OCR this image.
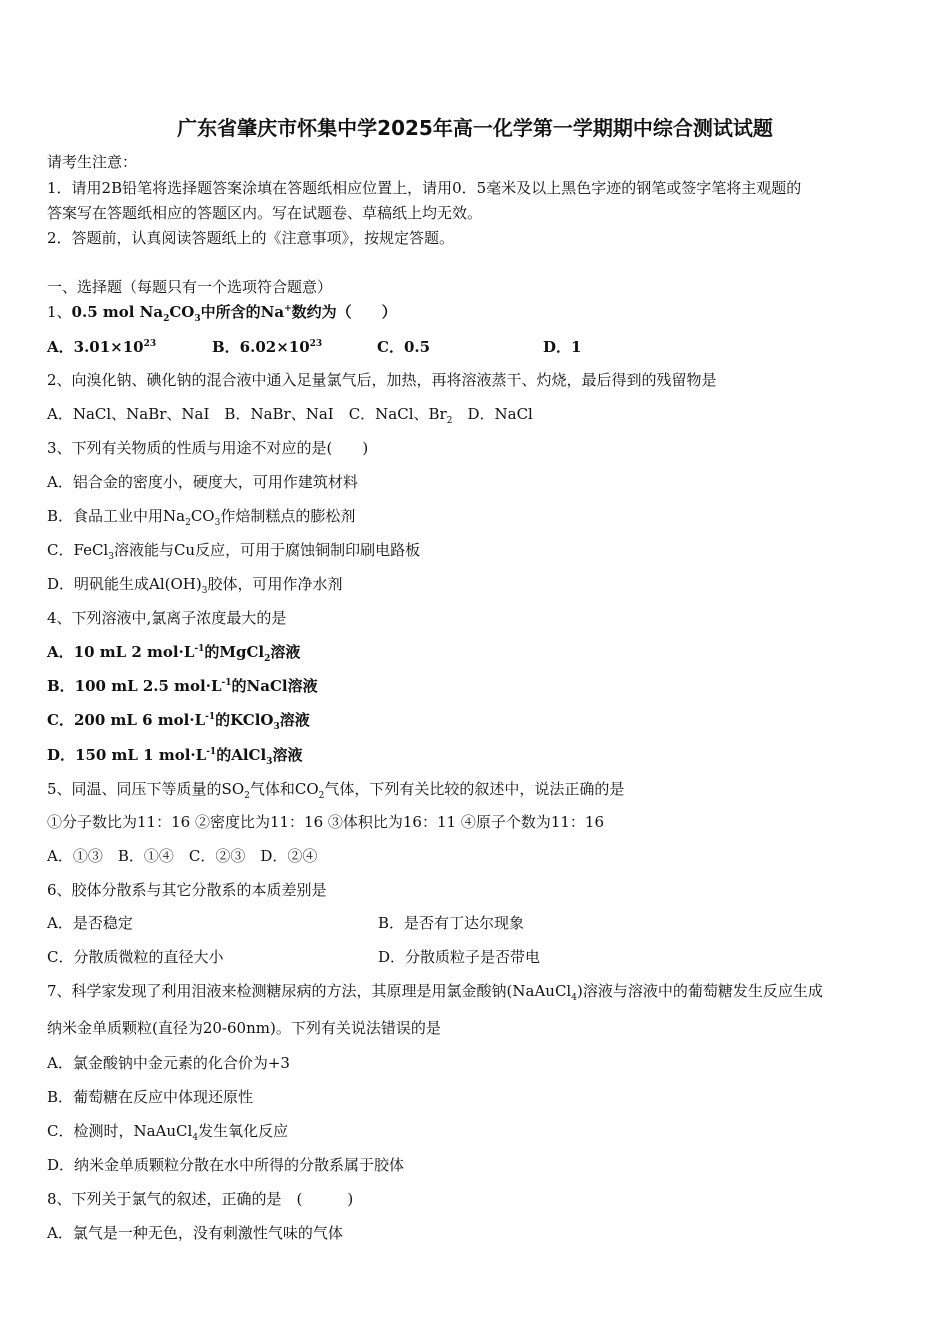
广东省肇庆市怀集中学2025年高一化学第一学期期中综合测试试题
请考生注意：
1．请用2B铅笔将选择题答案涂填在答题纸相应位置上，请用0．5毫米及以上黑色字迹的钢笔或签字笔将主观题的
答案写在答题纸相应的答题区内。写在试题卷、草稿纸上均无效。
2．答题前，认真阅读答题纸上的《注意事项》，按规定答题。
一、选择题（每题只有一个选项符合题意）
1、0.5 mol $Na_2CO_3$中所含的Na+数约为（　　）
A．$3.01\times 10^{23}$	B．$6.02\times 10^{23}$	C．0.5	D．1
2、向溴化钠、碘化钠的混合液中通入足量氯气后，加热，再将溶液蒸干、灼烧，最后得到的残留物是
A．NaCl、NaBr、NaI　B．NaBr、NaI　C．NaCl、$Br_2$　D．NaCl
3、下列有关物质的性质与用途不对应的是(　　)
A．铝合金的密度小，硬度大，可用作建筑材料
B．食品工业中用$Na_2CO_3$作焙制糕点的膨松剂
C．FeCl$_3$溶液能与Cu反应，可用于腐蚀铜制印刷电路板
D．明矾能生成$Al(OH)_3$胶体，可用作净水剂
4、下列溶液中,氯离子浓度最大的是
A．10 mL 2 $mol\cdot L^{-1}$的MgCl$_2$溶液
B．100 mL 2.5 $mol\cdot L^{-1}$的NaCl溶液
C．200 mL 6 $mol\cdot L^{-1}$的KClO$_3$溶液
D．150 mL 1 $mol\cdot L^{-1}$的AlCl$_3$溶液
5、同温、同压下等质量的$SO_2$气体和$CO_2$气体，下列有关比较的叙述中，说法正确的是
①分子数比为11：16 ②密度比为11：16 ③体积比为16：11 ④原子个数为11：16
A．①③　B．①④　C．②③　D．②④
6、胶体分散系与其它分散系的本质差别是
A．是否稳定	B．是否有丁达尔现象
C．分散质微粒的直径大小	D．分散质粒子是否带电
7、科学家发现了利用泪液来检测糖尿病的方法，其原理是用氯金酸钠(NaAuCl$_4$)溶液与溶液中的葡萄糖发生反应生成
纳米金单质颗粒(直径为20-60nm)。下列有关说法错误的是
A．氯金酸钠中金元素的化合价为+3
B．葡萄糖在反应中体现还原性
C．检测时，NaAuCl$_4$发生氧化反应
D．纳米金单质颗粒分散在水中所得的分散系属于胶体
8、下列关于氯气的叙述，正确的是　(　　　)
A．氯气是一种无色，没有刺激性气味的气体
